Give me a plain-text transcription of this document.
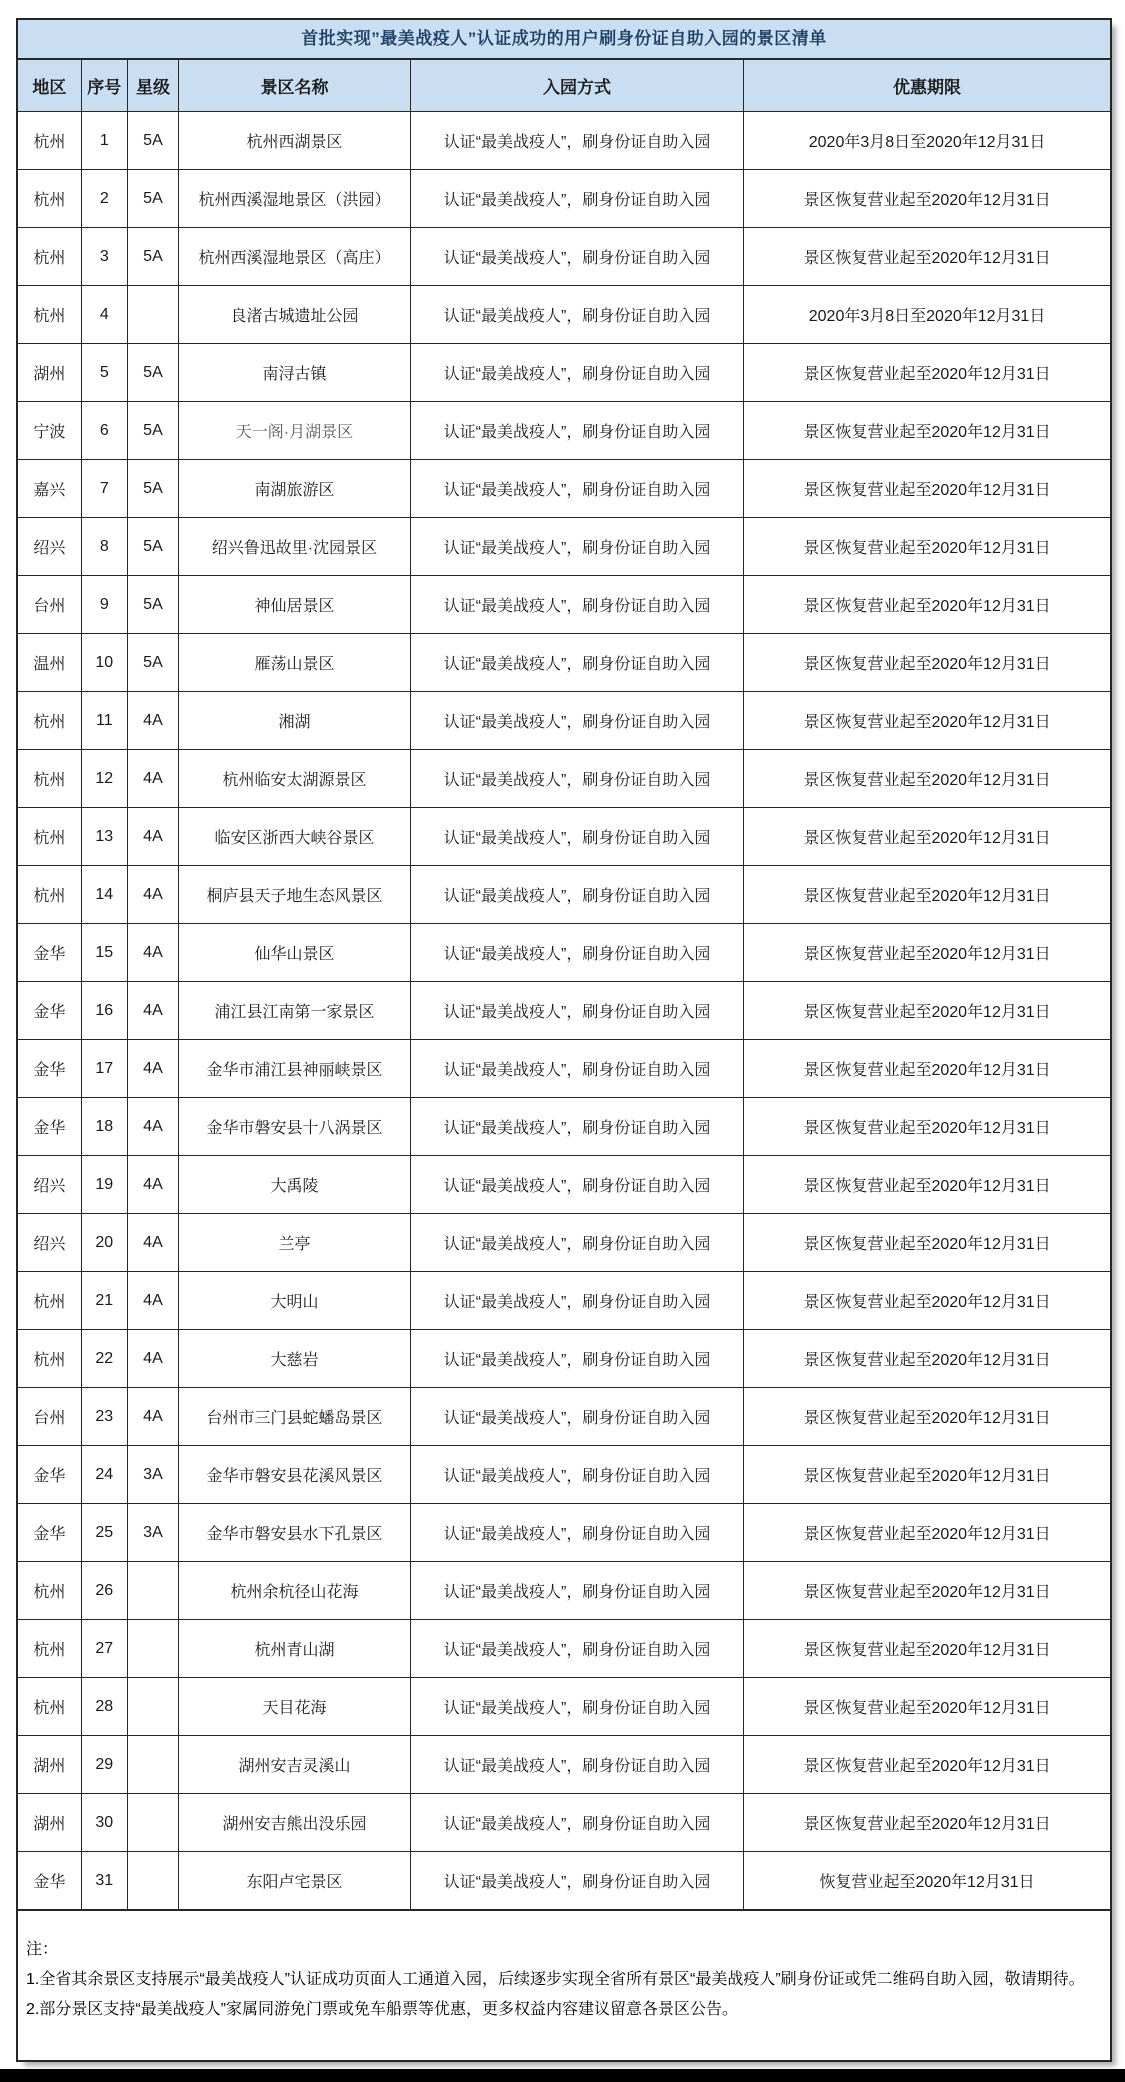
首批实现”最美战疫人”认证成功的用户刷身份证自助入园的景区清单
地区	序号	星级	景区名称	入园方式	优惠期限
杭州	1	5A	杭州西湖景区	认证“最美战疫人”，刷身份证自助入园	2020年3月8日至2020年12月31日
杭州	2	5A	杭州西溪湿地景区（洪园）	认证“最美战疫人”，刷身份证自助入园	景区恢复营业起至2020年12月31日
杭州	3	5A	杭州西溪湿地景区（高庄）	认证“最美战疫人”，刷身份证自助入园	景区恢复营业起至2020年12月31日
杭州	4		良渚古城遗址公园	认证“最美战疫人”，刷身份证自助入园	2020年3月8日至2020年12月31日
湖州	5	5A	南浔古镇	认证“最美战疫人”，刷身份证自助入园	景区恢复营业起至2020年12月31日
宁波	6	5A	天一阁·月湖景区	认证“最美战疫人”，刷身份证自助入园	景区恢复营业起至2020年12月31日
嘉兴	7	5A	南湖旅游区	认证“最美战疫人”，刷身份证自助入园	景区恢复营业起至2020年12月31日
绍兴	8	5A	绍兴鲁迅故里·沈园景区	认证“最美战疫人”，刷身份证自助入园	景区恢复营业起至2020年12月31日
台州	9	5A	神仙居景区	认证“最美战疫人”，刷身份证自助入园	景区恢复营业起至2020年12月31日
温州	10	5A	雁荡山景区	认证“最美战疫人”，刷身份证自助入园	景区恢复营业起至2020年12月31日
杭州	11	4A	湘湖	认证“最美战疫人”，刷身份证自助入园	景区恢复营业起至2020年12月31日
杭州	12	4A	杭州临安太湖源景区	认证“最美战疫人”，刷身份证自助入园	景区恢复营业起至2020年12月31日
杭州	13	4A	临安区浙西大峡谷景区	认证“最美战疫人”，刷身份证自助入园	景区恢复营业起至2020年12月31日
杭州	14	4A	桐庐县天子地生态风景区	认证“最美战疫人”，刷身份证自助入园	景区恢复营业起至2020年12月31日
金华	15	4A	仙华山景区	认证“最美战疫人”，刷身份证自助入园	景区恢复营业起至2020年12月31日
金华	16	4A	浦江县江南第一家景区	认证“最美战疫人”，刷身份证自助入园	景区恢复营业起至2020年12月31日
金华	17	4A	金华市浦江县神丽峡景区	认证“最美战疫人”，刷身份证自助入园	景区恢复营业起至2020年12月31日
金华	18	4A	金华市磐安县十八涡景区	认证“最美战疫人”，刷身份证自助入园	景区恢复营业起至2020年12月31日
绍兴	19	4A	大禹陵	认证“最美战疫人”，刷身份证自助入园	景区恢复营业起至2020年12月31日
绍兴	20	4A	兰亭	认证“最美战疫人”，刷身份证自助入园	景区恢复营业起至2020年12月31日
杭州	21	4A	大明山	认证“最美战疫人”，刷身份证自助入园	景区恢复营业起至2020年12月31日
杭州	22	4A	大慈岩	认证“最美战疫人”，刷身份证自助入园	景区恢复营业起至2020年12月31日
台州	23	4A	台州市三门县蛇蟠岛景区	认证“最美战疫人”，刷身份证自助入园	景区恢复营业起至2020年12月31日
金华	24	3A	金华市磐安县花溪风景区	认证“最美战疫人”，刷身份证自助入园	景区恢复营业起至2020年12月31日
金华	25	3A	金华市磐安县水下孔景区	认证“最美战疫人”，刷身份证自助入园	景区恢复营业起至2020年12月31日
杭州	26		杭州余杭径山花海	认证“最美战疫人”，刷身份证自助入园	景区恢复营业起至2020年12月31日
杭州	27		杭州青山湖	认证“最美战疫人”，刷身份证自助入园	景区恢复营业起至2020年12月31日
杭州	28		天目花海	认证“最美战疫人”，刷身份证自助入园	景区恢复营业起至2020年12月31日
湖州	29		湖州安吉灵溪山	认证“最美战疫人”，刷身份证自助入园	景区恢复营业起至2020年12月31日
湖州	30		湖州安吉熊出没乐园	认证“最美战疫人”，刷身份证自助入园	景区恢复营业起至2020年12月31日
金华	31		东阳卢宅景区	认证“最美战疫人”，刷身份证自助入园	恢复营业起至2020年12月31日
注：
1.全省其余景区支持展示“最美战疫人”认证成功页面人工通道入园，后续逐步实现全省所有景区“最美战疫人”刷身份证或凭二维码自助入园，敬请期待。
2.部分景区支持“最美战疫人”家属同游免门票或免车船票等优惠，更多权益内容建议留意各景区公告。
